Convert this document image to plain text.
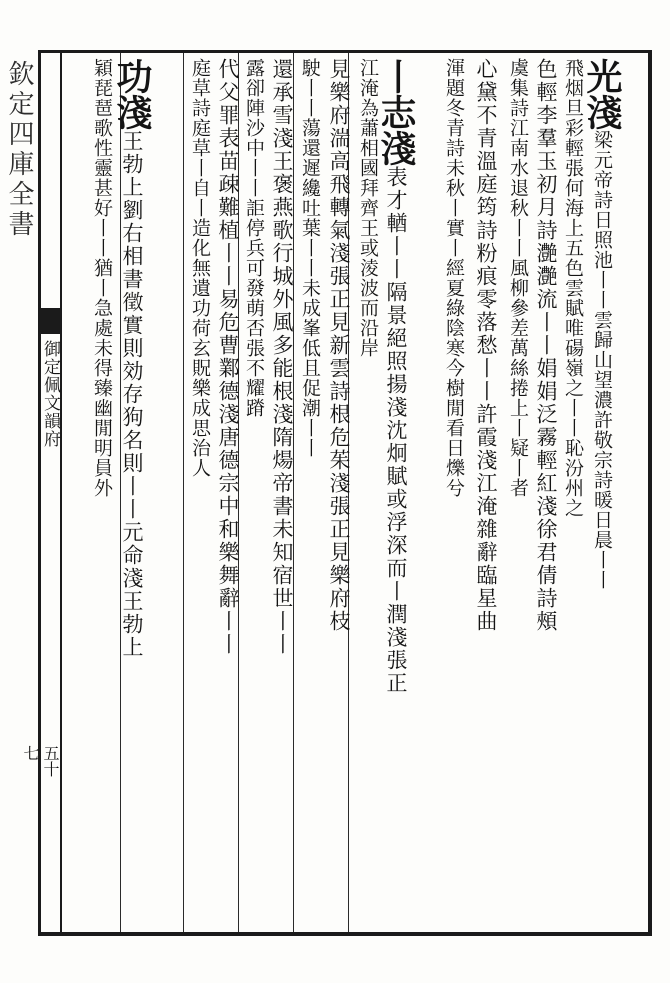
欽定四庫全書
御定佩文韻府
五十七
光淺梁元帝詩日照池丨丨雲歸山望濃許敬宗詩暖日晨丨丨
飛烟旦彩輕張何海上五色雲賦唯碭嶺之丨丨恥汾州之
色輕李羣玉初月詩灔灔流丨丨娟娟泛霧輕紅淺徐君倩詩頰
虞集詩江南水退秋丨丨風柳參差萬絲捲上丨疑丨者
心黛不青溫庭筠詩粉痕零落愁丨丨許霞淺江淹雜辭臨星曲
渾題冬青詩未秋丨實丨經夏綠陰寒今樹閒看日爍兮
丨志淺表才輶丨丨隔景絕照揚淺沈炯賦或浮深而丨潤淺張正
江淹為蕭相國拜齊王或淩波而沿岸
見樂府湍高飛轉氣淺張正見新雲詩根危茱淺張正見樂府枝
駛丨丨蕩還遲纔吐葉丨丨未成峯低且促潮丨丨
還承雪淺王褒燕歌行城外風多能根淺隋煬帝書未知宿世丨丨
露卻陣沙中丨丨詎停兵可發萌否張不耀蹐
代父罪表苗疎難植丨丨易危曹鄴德淺唐德宗中和樂舞辭丨丨
庭草詩庭草丨自丨造化無遺功荷玄貺樂成思治人
功淺王勃上劉右相書徵實則効存狗名則丨丨元命淺王勃上
穎琵琶歌性靈甚好丨丨猶丨急處未得臻幽閒明員外
